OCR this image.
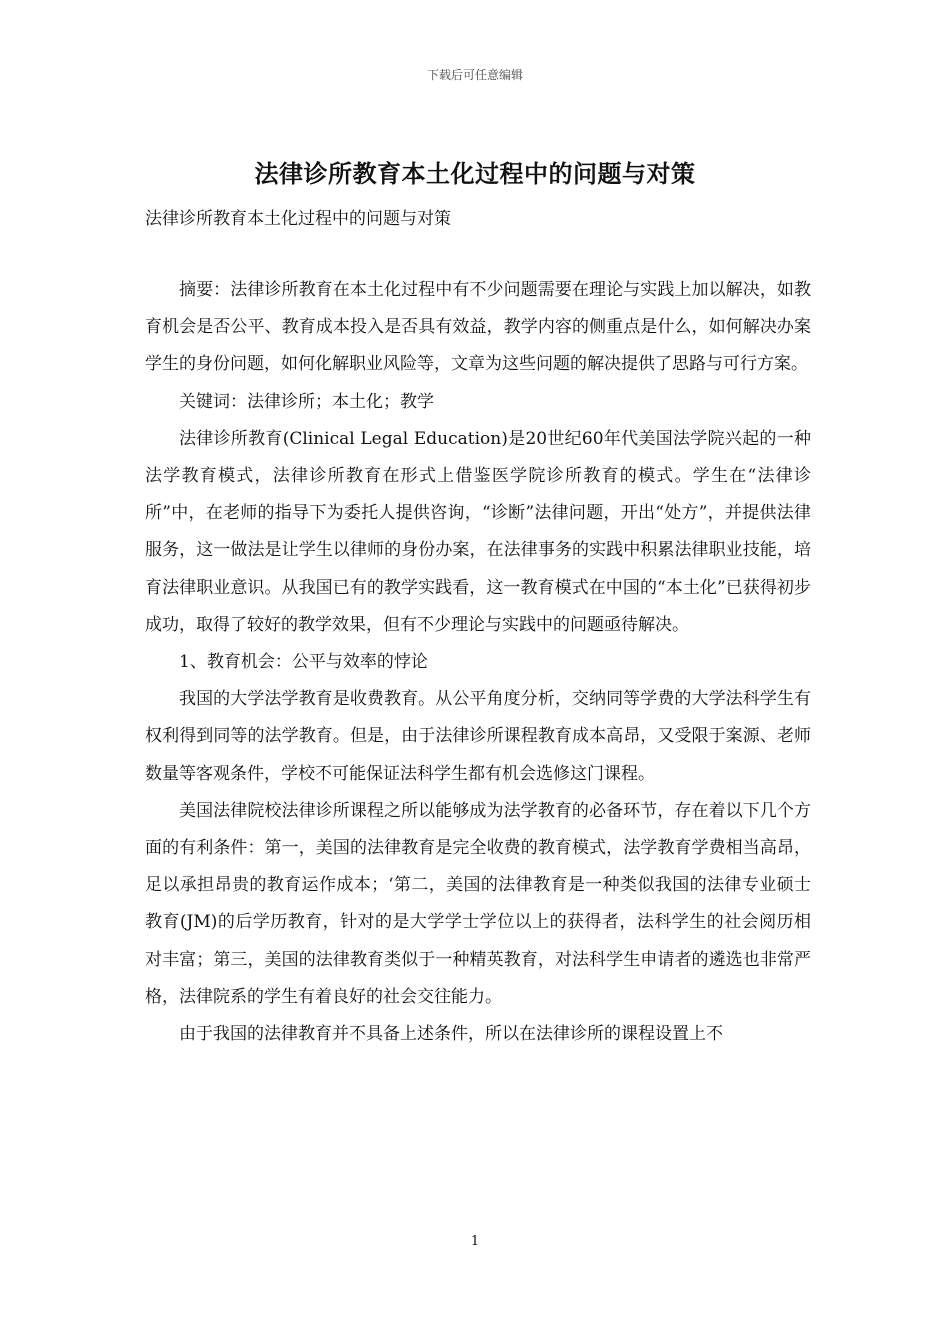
下载后可任意编辑
法律诊所教育本土化过程中的问题与对策
法律诊所教育本土化过程中的问题与对策

摘要：法律诊所教育在本土化过程中有不少问题需要在理论与实践上加以解决，如教育机会是否公平、教育成本投入是否具有效益，教学内容的侧重点是什么，如何解决办案学生的身份问题，如何化解职业风险等，文章为这些问题的解决提供了思路与可行方案。

关键词：法律诊所；本土化；教学

法律诊所教育(Clinical Legal Education)是20世纪60年代美国法学院兴起的一种法学教育模式，法律诊所教育在形式上借鉴医学院诊所教育的模式。学生在“法律诊所”中，在老师的指导下为委托人提供咨询，“诊断”法律问题，开出“处方”，并提供法律服务，这一做法是让学生以律师的身份办案，在法律事务的实践中积累法律职业技能，培育法律职业意识。从我国已有的教学实践看，这一教育模式在中国的“本土化”已获得初步成功，取得了较好的教学效果，但有不少理论与实践中的问题亟待解决。

1、教育机会：公平与效率的悖论

我国的大学法学教育是收费教育。从公平角度分析，交纳同等学费的大学法科学生有权利得到同等的法学教育。但是，由于法律诊所课程教育成本高昂，又受限于案源、老师数量等客观条件，学校不可能保证法科学生都有机会选修这门课程。

美国法律院校法律诊所课程之所以能够成为法学教育的必备环节，存在着以下几个方面的有利条件：第一，美国的法律教育是完全收费的教育模式，法学教育学费相当高昂，足以承担昂贵的教育运作成本；‘第二，美国的法律教育是一种类似我国的法律专业硕士教育(JM)的后学历教育，针对的是大学学士学位以上的获得者，法科学生的社会阅历相对丰富；第三，美国的法律教育类似于一种精英教育，对法科学生申请者的遴选也非常严格，法律院系的学生有着良好的社会交往能力。

由于我国的法律教育并不具备上述条件，所以在法律诊所的课程设置上不

1
